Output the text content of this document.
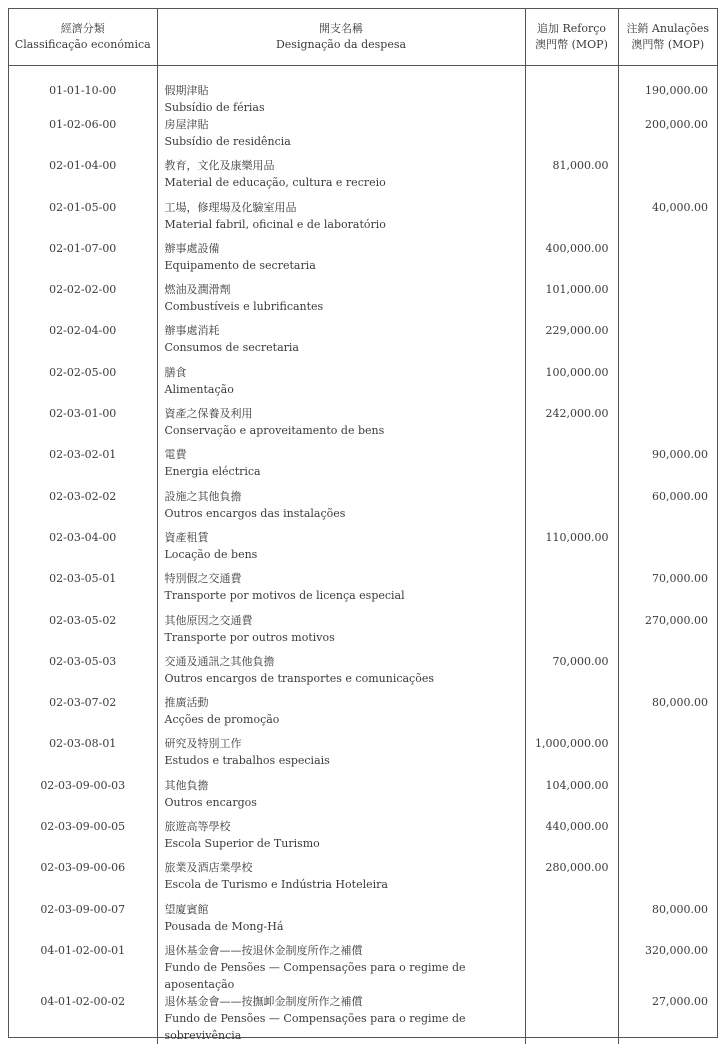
經濟分類
Classificação económica	開支名稱
Designação da despesa	追加 Reforço
澳門幣 (MOP)	注銷 Anulações
澳門幣 (MOP)

01-01-10-00	假期津貼
Subsídio de férias		190,000.00
01-02-06-00	房屋津貼
Subsídio de residência		200,000.00
02-01-04-00	教育，文化及康樂用品
Material de educação, cultura e recreio	81,000.00	
02-01-05-00	工場，修理場及化驗室用品
Material fabril, oficinal e de laboratório		40,000.00
02-01-07-00	辦事處設備
Equipamento de secretaria	400,000.00	
02-02-02-00	燃油及潤滑劑
Combustíveis e lubrificantes	101,000.00	
02-02-04-00	辦事處消耗
Consumos de secretaria	229,000.00	
02-02-05-00	膳食
Alimentação	100,000.00	
02-03-01-00	資產之保養及利用
Conservação e aproveitamento de bens	242,000.00	
02-03-02-01	電費
Energia eléctrica		90,000.00
02-03-02-02	設施之其他負擔
Outros encargos das instalações		60,000.00
02-03-04-00	資產租賃
Locação de bens	110,000.00	
02-03-05-01	特別假之交通費
Transporte por motivos de licença especial		70,000.00
02-03-05-02	其他原因之交通費
Transporte por outros motivos		270,000.00
02-03-05-03	交通及通訊之其他負擔
Outros encargos de transportes e comunicações	70,000.00	
02-03-07-02	推廣活動
Acções de promoção		80,000.00
02-03-08-01	研究及特別工作
Estudos e trabalhos especiais	1,000,000.00	
02-03-09-00-03	其他負擔
Outros encargos	104,000.00	
02-03-09-00-05	旅遊高等學校
Escola Superior de Turismo	440,000.00	
02-03-09-00-06	旅業及酒店業學校
Escola de Turismo e Indústria Hoteleira	280,000.00	
02-03-09-00-07	望廈賓館
Pousada de Mong-Há		80,000.00
04-01-02-00-01	退休基金會——按退休金制度所作之補償
Fundo de Pensões — Compensações para o regime de aposentação		320,000.00
04-01-02-00-02	退休基金會——按撫卹金制度所作之補償
Fundo de Pensões — Compensações para o regime de sobrevivência		27,000.00
